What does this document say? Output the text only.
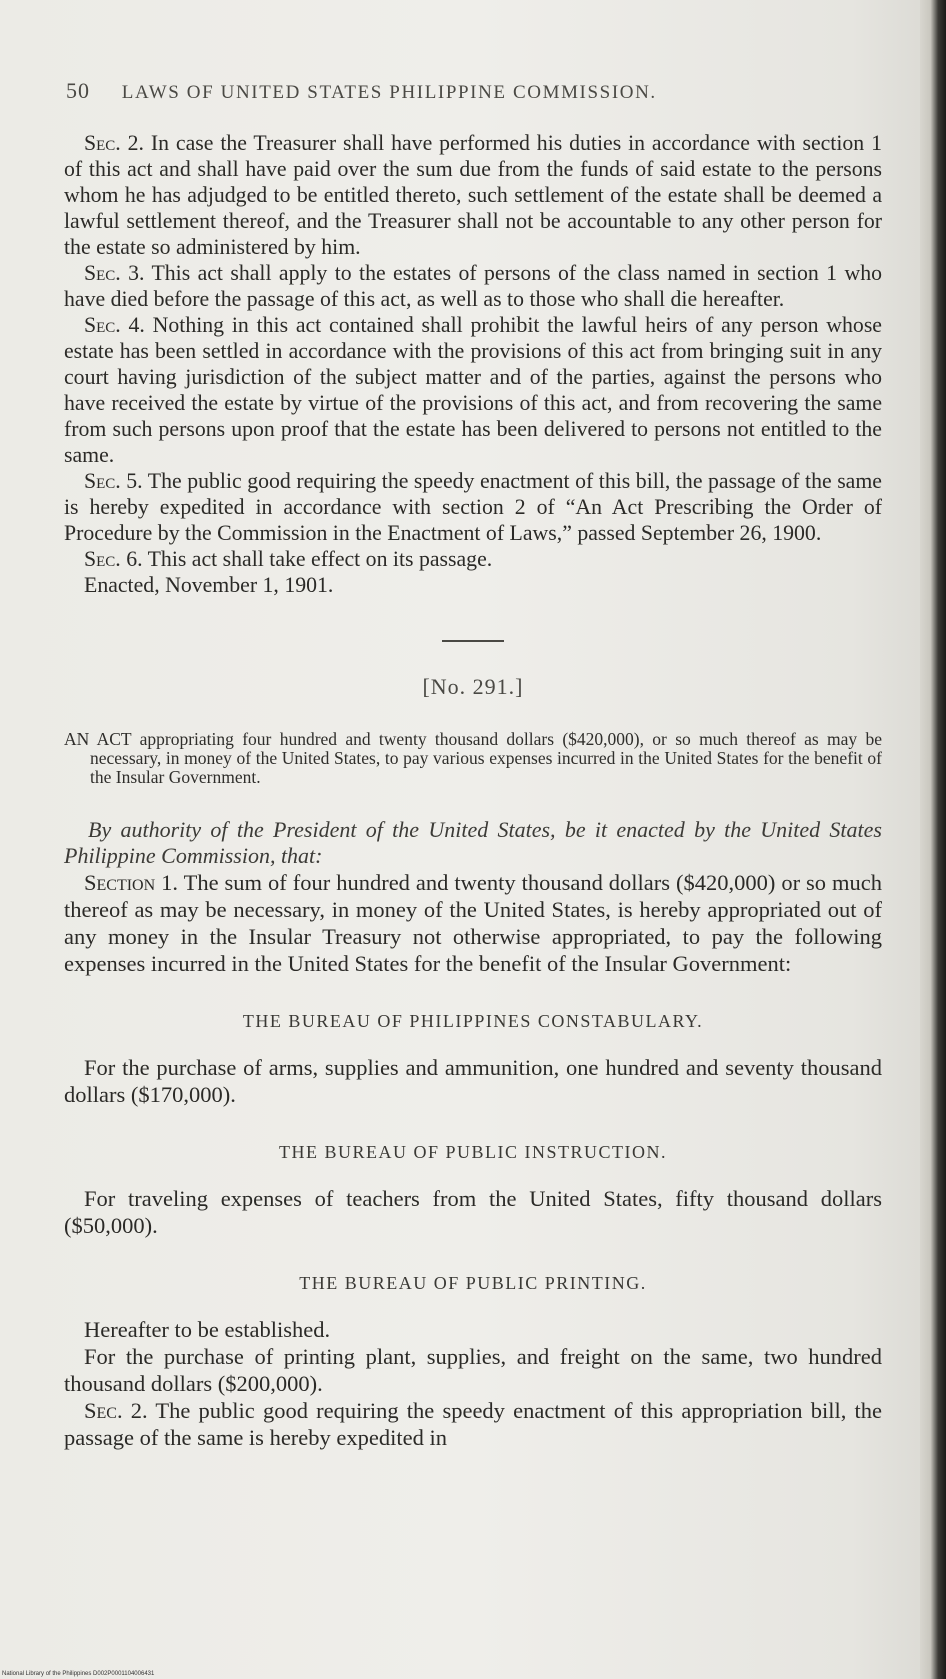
50 LAWS OF UNITED STATES PHILIPPINE COMMISSION.

Sec. 2. In case the Treasurer shall have performed his duties in accordance with section 1 of this act and shall have paid over the sum due from the funds of said estate to the persons whom he has adjudged to be entitled thereto, such settlement of the estate shall be deemed a lawful settlement thereof, and the Treasurer shall not be accountable to any other person for the estate so administered by him.

Sec. 3. This act shall apply to the estates of persons of the class named in section 1 who have died before the passage of this act, as well as to those who shall die hereafter.

Sec. 4. Nothing in this act contained shall prohibit the lawful heirs of any person whose estate has been settled in accordance with the provisions of this act from bringing suit in any court having jurisdiction of the subject matter and of the parties, against the persons who have received the estate by virtue of the provisions of this act, and from recovering the same from such persons upon proof that the estate has been delivered to persons not entitled to the same.

Sec. 5. The public good requiring the speedy enactment of this bill, the passage of the same is hereby expedited in accordance with section 2 of “An Act Prescribing the Order of Procedure by the Commission in the Enactment of Laws,” passed September 26, 1900.

Sec. 6. This act shall take effect on its passage.

Enacted, November 1, 1901.

[No. 291.]
AN ACT appropriating four hundred and twenty thousand dollars ($420,000), or so much thereof as may be necessary, in money of the United States, to pay various expenses incurred in the United States for the benefit of the Insular Government.

By authority of the President of the United States, be it enacted by the United States Philippine Commission, that:

Section 1. The sum of four hundred and twenty thousand dollars ($420,000) or so much thereof as may be necessary, in money of the United States, is hereby appropriated out of any money in the Insular Treasury not otherwise appropriated, to pay the following expenses incurred in the United States for the benefit of the Insular Government:

THE BUREAU OF PHILIPPINES CONSTABULARY.

For the purchase of arms, supplies and ammunition, one hundred and seventy thousand dollars ($170,000).

THE BUREAU OF PUBLIC INSTRUCTION.

For traveling expenses of teachers from the United States, fifty thousand dollars ($50,000).

THE BUREAU OF PUBLIC PRINTING.

Hereafter to be established.

For the purchase of printing plant, supplies, and freight on the same, two hundred thousand dollars ($200,000).

Sec. 2. The public good requiring the speedy enactment of this appropriation bill, the passage of the same is hereby expedited in

National Library of the Philippines D002P0001104006431
